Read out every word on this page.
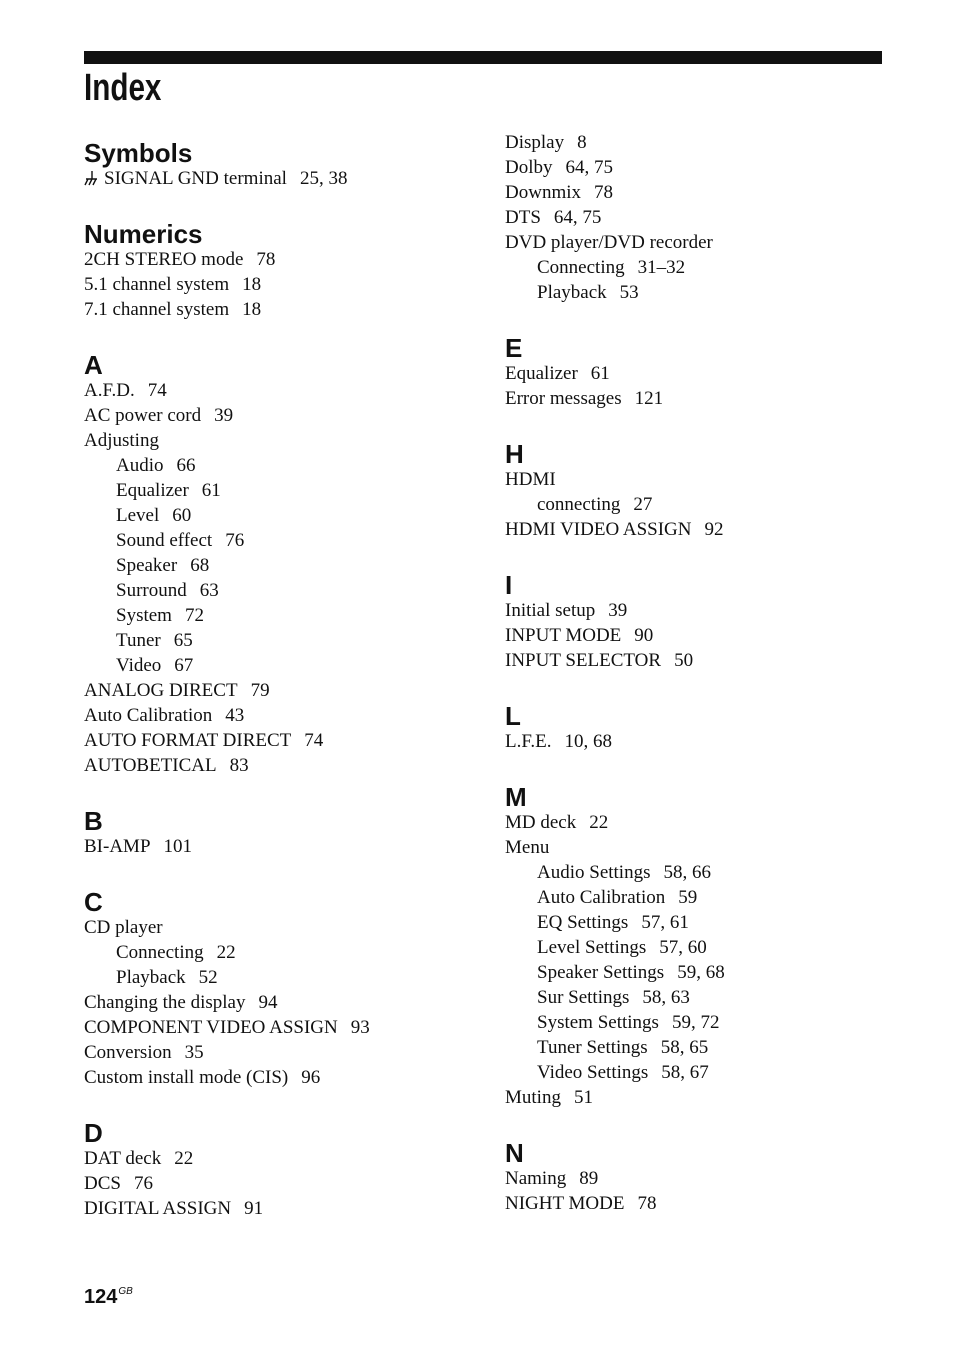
Index
Symbols
SIGNAL GND terminal 25, 38
Numerics
2CH STEREO mode 78
5.1 channel system 18
7.1 channel system 18
A
A.F.D. 74
AC power cord 39
Adjusting
Audio 66
Equalizer 61
Level 60
Sound effect 76
Speaker 68
Surround 63
System 72
Tuner 65
Video 67
ANALOG DIRECT 79
Auto Calibration 43
AUTO FORMAT DIRECT 74
AUTOBETICAL 83
B
BI-AMP 101
C
CD player
Connecting 22
Playback 52
Changing the display 94
COMPONENT VIDEO ASSIGN 93
Conversion 35
Custom install mode (CIS) 96
D
DAT deck 22
DCS 76
DIGITAL ASSIGN 91
Display 8
Dolby 64, 75
Downmix 78
DTS 64, 75
DVD player/DVD recorder
Connecting 31–32
Playback 53
E
Equalizer 61
Error messages 121
H
HDMI
connecting 27
HDMI VIDEO ASSIGN 92
I
Initial setup 39
INPUT MODE 90
INPUT SELECTOR 50
L
L.F.E. 10, 68
M
MD deck 22
Menu
Audio Settings 58, 66
Auto Calibration 59
EQ Settings 57, 61
Level Settings 57, 60
Speaker Settings 59, 68
Sur Settings 58, 63
System Settings 59, 72
Tuner Settings 58, 65
Video Settings 58, 67
Muting 51
N
Naming 89
NIGHT MODE 78
$124^{GB}$
